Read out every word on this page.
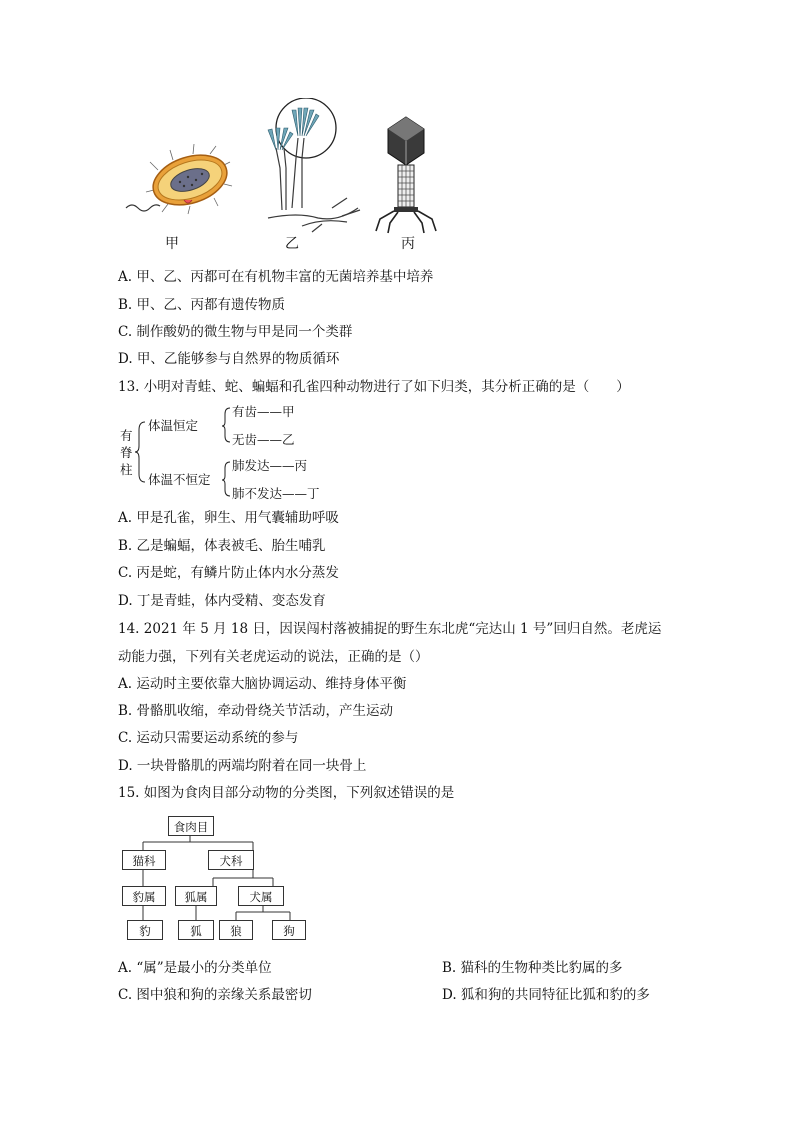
甲	乙	丙
A. 甲、乙、丙都可在有机物丰富的无菌培养基中培养
B. 甲、乙、丙都有遗传物质
C. 制作酸奶的微生物与甲是同一个类群
D. 甲、乙能够参与自然界的物质循环
13. 小明对青蛙、蛇、蝙蝠和孔雀四种动物进行了如下归类，其分析正确的是（　　）
有
脊
柱
体温恒定
体温不恒定
有齿——甲
无齿——乙
肺发达——丙
肺不发达——丁
A. 甲是孔雀，卵生、用气囊辅助呼吸
B. 乙是蝙蝠，体表被毛、胎生哺乳
C. 丙是蛇，有鳞片防止体内水分蒸发
D. 丁是青蛙，体内受精、变态发育
14. 2021 年 5 月 18 日，因误闯村落被捕捉的野生东北虎“完达山 1 号”回归自然。老虎运
动能力强，下列有关老虎运动的说法，正确的是（）
A. 运动时主要依靠大脑协调运动、维持身体平衡
B. 骨骼肌收缩，牵动骨绕关节活动，产生运动
C. 运动只需要运动系统的参与
D. 一块骨骼肌的两端均附着在同一块骨上
15. 如图为食肉目部分动物的分类图，下列叙述错误的是
食肉目
猫科	犬科
豹属	狐属	犬属
豹	狐	狼	狗
A. “属”是最小的分类单位	B. 猫科的生物种类比豹属的多
C. 图中狼和狗的亲缘关系最密切	D. 狐和狗的共同特征比狐和豹的多
